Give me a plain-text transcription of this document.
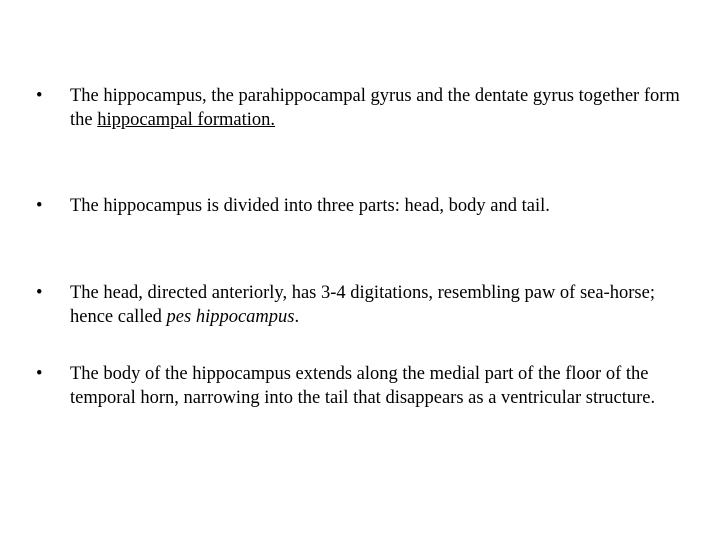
•	The hippocampus, the parahippocampal gyrus and the dentate gyrus together form the hippocampal formation.
•	The hippocampus is divided into three parts: head, body and tail.
•	The head, directed anteriorly, has 3-4 digitations, resembling paw of sea-horse; hence called pes hippocampus.
•	The body of the hippocampus extends along the medial part of the floor of the temporal horn, narrowing into the tail that disappears as a ventricular structure.
